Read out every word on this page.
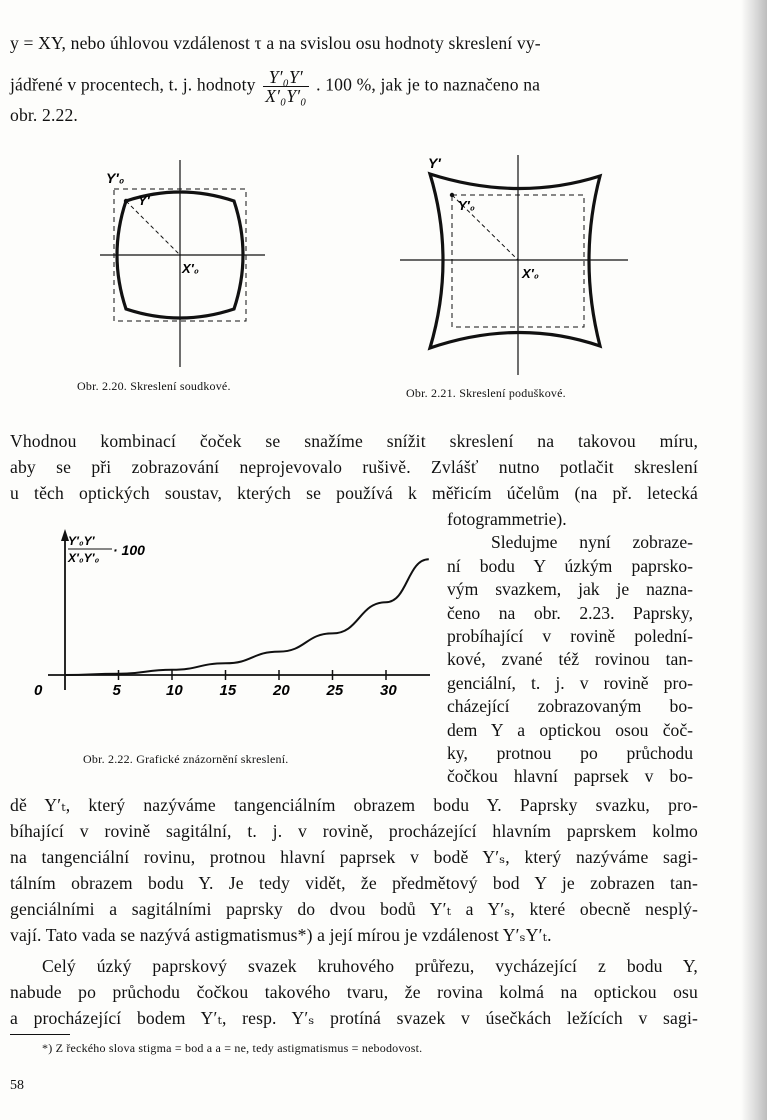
y = XY, nebo úhlovou vzdálenost τ a na svislou osu hodnoty skreslení vy-
jádřené v procentech, t. j. hodnoty $\frac{\text{Y′₀Y′}}{\text{X′₀Y′₀}}$ . 100 %, jak je to naznačeno na
obr. 2.22.
Y′₀
Y′
X′₀
Obr. 2.20. Skreslení soudkové.
Y′
Y′₀
X′₀
Obr. 2.21. Skreslení poduškové.
Vhodnou kombinací čoček se snažíme snížit skreslení na takovou míru,
aby se při zobrazování neprojevovalo rušivě. Zvlášť nutno potlačit skreslení
u těch optických soustav, kterých se používá k měřicím účelům (na př. letecká
Y′₀Y′
X′₀Y′₀ · 100
0	5	10 15 20 25 30
Obr. 2.22. Grafické znázornění skreslení.
fotogrammetrie).
Sledujme nyní zobraze-
ní bodu Y úzkým paprsko-
vým svazkem, jak je nazna-
čeno na obr. 2.23. Paprsky,
probíhající v rovině polední-
kové, zvané též rovinou tan-
genciální, t. j. v rovině pro-
cházející zobrazovaným bo-
dem Y a optickou osou čoč-
ky, protnou po průchodu
čočkou hlavní paprsek v bo-
dě Y′ₜ, který nazýváme tangenciálním obrazem bodu Y. Paprsky svazku, pro-
bíhající v rovině sagitální, t. j. v rovině, procházející hlavním paprskem kolmo
na tangenciální rovinu, protnou hlavní paprsek v bodě Y′ₛ, který nazýváme sagi-
tálním obrazem bodu Y. Je tedy vidět, že předmětový bod Y je zobrazen tan-
genciálními a sagitálními paprsky do dvou bodů Y′ₜ a Y′ₛ, které obecně nesplý-
vají. Tato vada se nazývá astigmatismus*) a její mírou je vzdálenost Y′ₛY′ₜ.
Celý úzký paprskový svazek kruhového průřezu, vycházející z bodu Y,
nabude po průchodu čočkou takového tvaru, že rovina kolmá na optickou osu
a procházející bodem Y′ₜ, resp. Y′ₛ protíná svazek v úsečkách ležících v sagi-
*) Z řeckého slova stigma = bod a a = ne, tedy astigmatismus = nebodovost.
58
